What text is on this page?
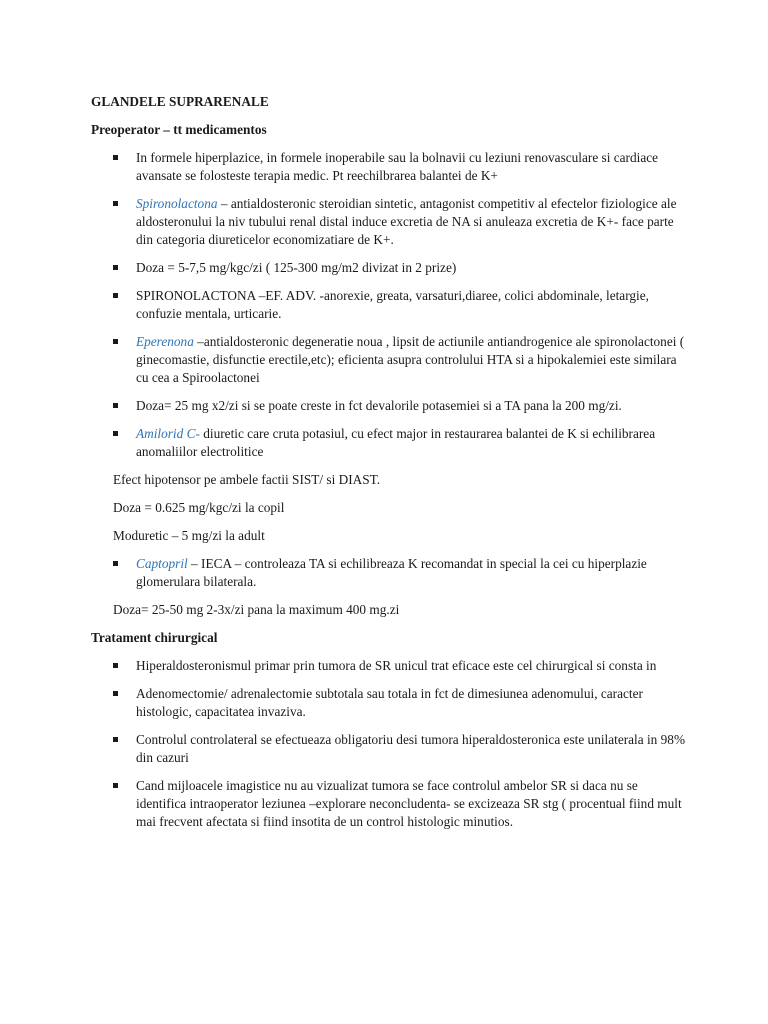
GLANDELE SUPRARENALE
Preoperator – tt medicamentos
In formele hiperplazice, in formele inoperabile sau la bolnavii cu leziuni renovasculare si cardiace avansate se folosteste terapia medic. Pt reechilbrarea balantei de K+
Spironolactona – antialdosteronic steroidian sintetic, antagonist competitiv al efectelor fiziologice ale aldosteronului la niv tubului renal distal induce excretia de NA si anuleaza excretia de K+- face parte din categoria diureticelor economizatiare de K+.
Doza = 5-7,5 mg/kgc/zi ( 125-300 mg/m2 divizat in 2 prize)
SPIRONOLACTONA –EF. ADV. -anorexie, greata, varsaturi,diaree, colici abdominale, letargie, confuzie mentala, urticarie.
Eperenona –antialdosteronic degeneratie noua , lipsit de actiunile antiandrogenice ale spironolactonei ( ginecomastie, disfunctie erectile,etc); eficienta asupra controlului HTA si a hipokalemiei este similara cu cea a Spiroolactonei
Doza= 25 mg x2/zi si se poate creste in fct devalorile potasemiei si a TA pana la 200 mg/zi.
Amilorid C- diuretic care cruta potasiul, cu efect major in restaurarea balantei de K si echilibrarea anomaliilor electrolitice
Efect hipotensor pe ambele factii SIST/ si DIAST.
Doza = 0.625 mg/kgc/zi la copil
Moduretic – 5 mg/zi la adult
Captopril – IECA – controleaza TA si echilibreaza K recomandat in special la cei cu hiperplazie glomerulara bilaterala.
Doza= 25-50 mg 2-3x/zi pana la maximum 400 mg.zi
Tratament chirurgical
Hiperaldosteronismul primar prin tumora de SR unicul trat eficace este cel chirurgical si consta in
Adenomectomie/ adrenalectomie subtotala sau totala in fct de dimesiunea adenomului, caracter histologic, capacitatea invaziva.
Controlul controlateral se efectueaza obligatoriu desi tumora hiperaldosteronica este unilaterala in 98% din cazuri
Cand mijloacele imagistice nu au vizualizat tumora se face controlul ambelor SR si daca nu se identifica intraoperator leziunea –explorare neconcludenta- se excizeaza SR stg ( procentual fiind mult mai frecvent afectata si fiind insotita de un control histologic minutios.
